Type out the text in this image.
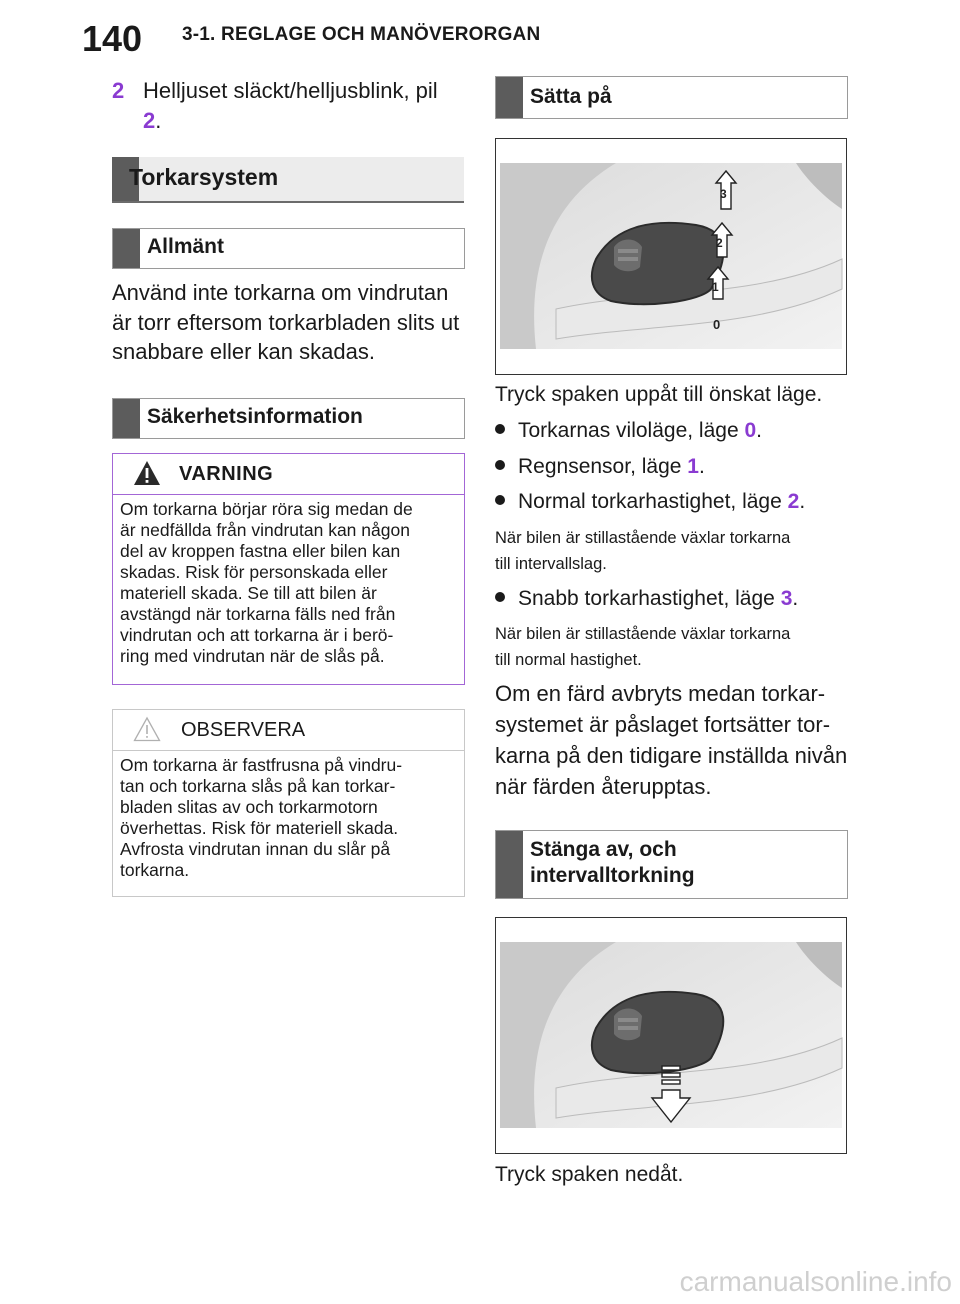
140 3-1. REGLAGE OCH MANÖVERORGAN
2 Helljuset släckt/helljusblink, pil
2.
Torkarsystem
Allmänt
Använd inte torkarna om vindrutan
är torr eftersom torkarbladen slits ut
snabbare eller kan skadas.
Säkerhetsinformation
VARNING
Om torkarna börjar röra sig medan de
är nedfällda från vindrutan kan någon
del av kroppen fastna eller bilen kan
skadas. Risk för personskada eller
materiell skada. Se till att bilen är
avstängd när torkarna fälls ned från
vindrutan och att torkarna är i berö-
ring med vindrutan när de slås på.
OBSERVERA
Om torkarna är fastfrusna på vindru-
tan och torkarna slås på kan torkar-
bladen slitas av och torkarmotorn
överhettas. Risk för materiell skada.
Avfrosta vindrutan innan du slår på
torkarna.
Sätta på
3
2
1
0
Tryck spaken uppåt till önskat läge.
Torkarnas viloläge, läge 0.
Regnsensor, läge 1.
Normal torkarhastighet, läge 2.
När bilen är stillastående växlar torkarna
till intervallslag.
Snabb torkarhastighet, läge 3.
När bilen är stillastående växlar torkarna
till normal hastighet.
Om en färd avbryts medan torkar-
systemet är påslaget fortsätter tor-
karna på den tidigare inställda nivån
när färden återupptas.
Stänga av, och
intervalltorkning
Tryck spaken nedåt.
carmanualsonline.info
